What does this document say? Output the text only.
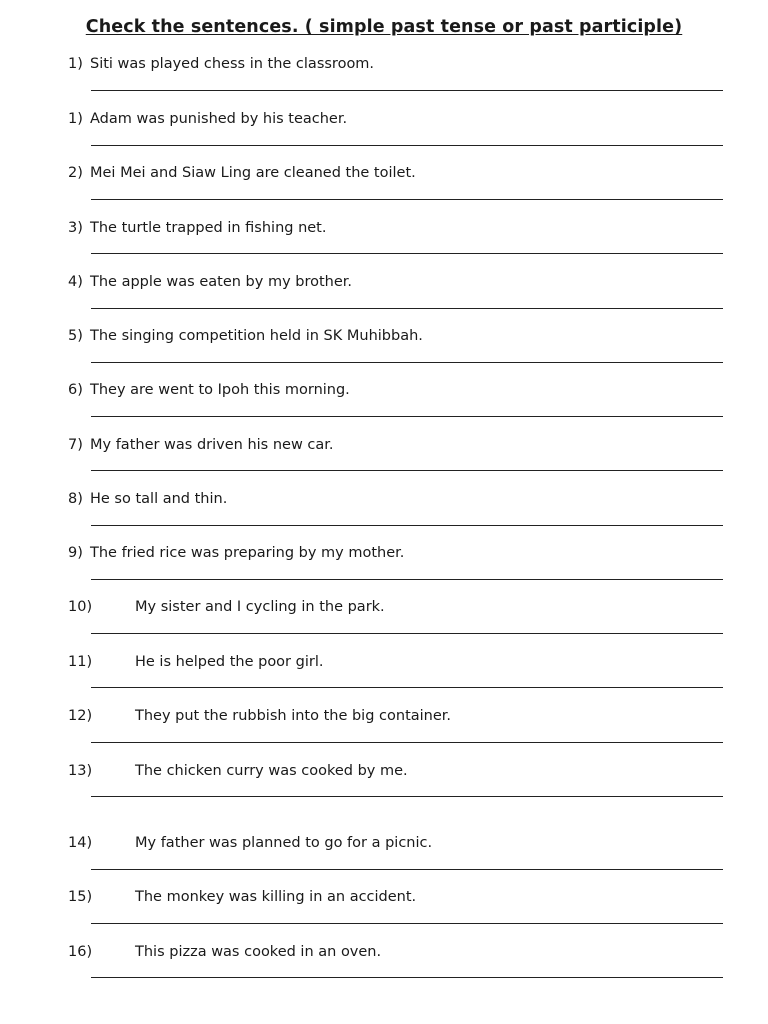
Check the sentences. ( simple past tense or past participle)
1) Siti was played chess in the classroom.
1) Adam was punished by his teacher.
2) Mei Mei and Siaw Ling are cleaned the toilet.
3) The turtle trapped in fishing net.
4) The apple was eaten by my brother.
5) The singing competition held in SK Muhibbah.
6) They are went to Ipoh this morning.
7) My father was driven his new car.
8) He so tall and thin.
9) The fried rice was preparing by my mother.
10)	My sister and I cycling in the park.
11)	He is helped the poor girl.
12)	They put the rubbish into the big container.
13)	The chicken curry was cooked by me.
14)	My father was planned to go for a picnic.
15)	The monkey was killing in an accident.
16)	This pizza was cooked in an oven.
